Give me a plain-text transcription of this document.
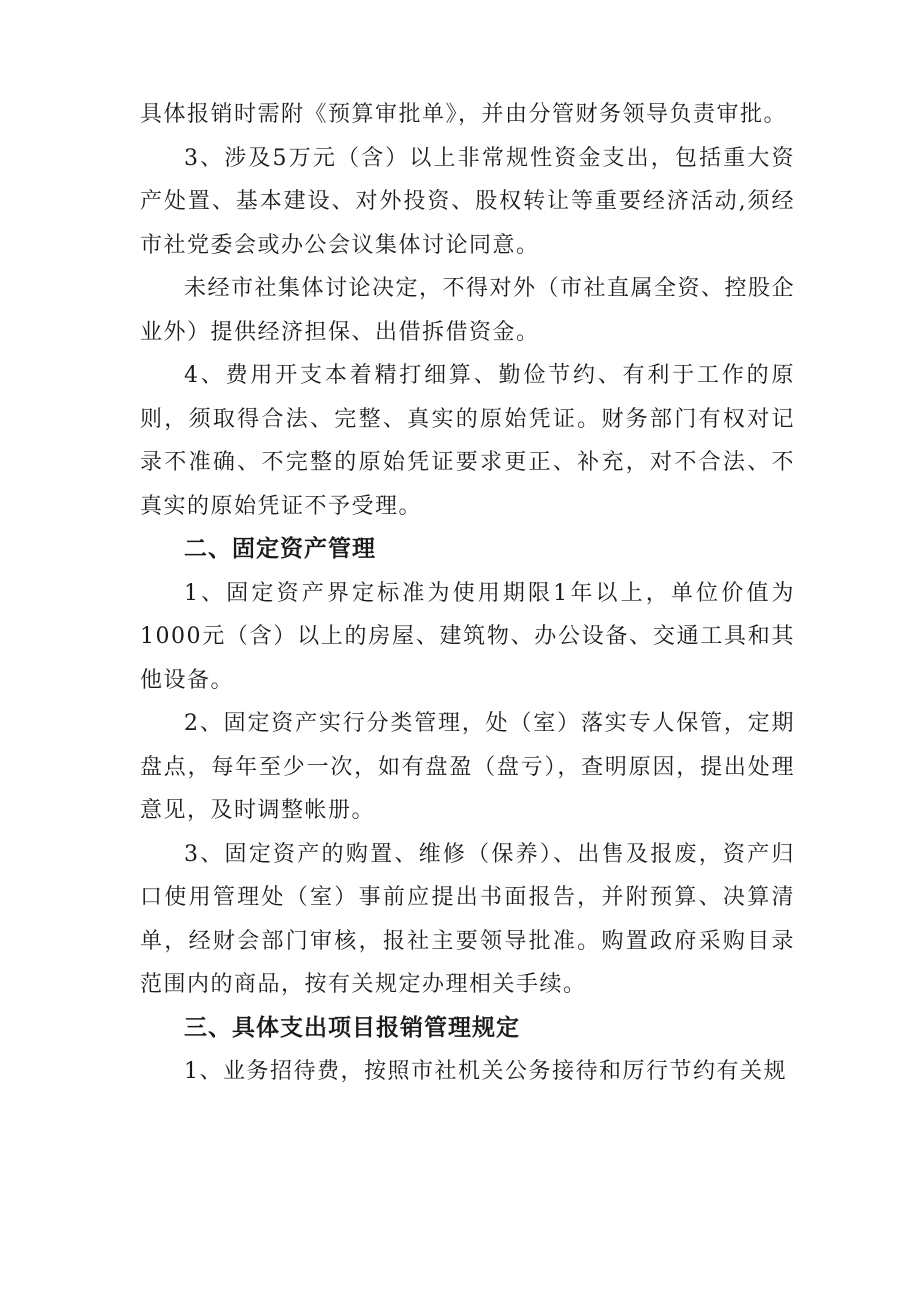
具体报销时需附《预算审批单》，并由分管财务领导负责审批。

3、涉及5万元（含）以上非常规性资金支出，包括重大资产处置、基本建设、对外投资、股权转让等重要经济活动,须经市社党委会或办公会议集体讨论同意。

未经市社集体讨论决定，不得对外（市社直属全资、控股企业外）提供经济担保、出借拆借资金。

4、费用开支本着精打细算、勤俭节约、有利于工作的原则，须取得合法、完整、真实的原始凭证。财务部门有权对记录不准确、不完整的原始凭证要求更正、补充，对不合法、不真实的原始凭证不予受理。

二、固定资产管理

1、固定资产界定标准为使用期限1年以上，单位价值为1000元（含）以上的房屋、建筑物、办公设备、交通工具和其他设备。

2、固定资产实行分类管理，处（室）落实专人保管，定期盘点，每年至少一次，如有盘盈（盘亏），查明原因，提出处理意见，及时调整帐册。

3、固定资产的购置、维修（保养）、出售及报废，资产归口使用管理处（室）事前应提出书面报告，并附预算、决算清单，经财会部门审核，报社主要领导批准。购置政府采购目录范围内的商品，按有关规定办理相关手续。

三、具体支出项目报销管理规定

1、业务招待费，按照市社机关公务接待和厉行节约有关规
